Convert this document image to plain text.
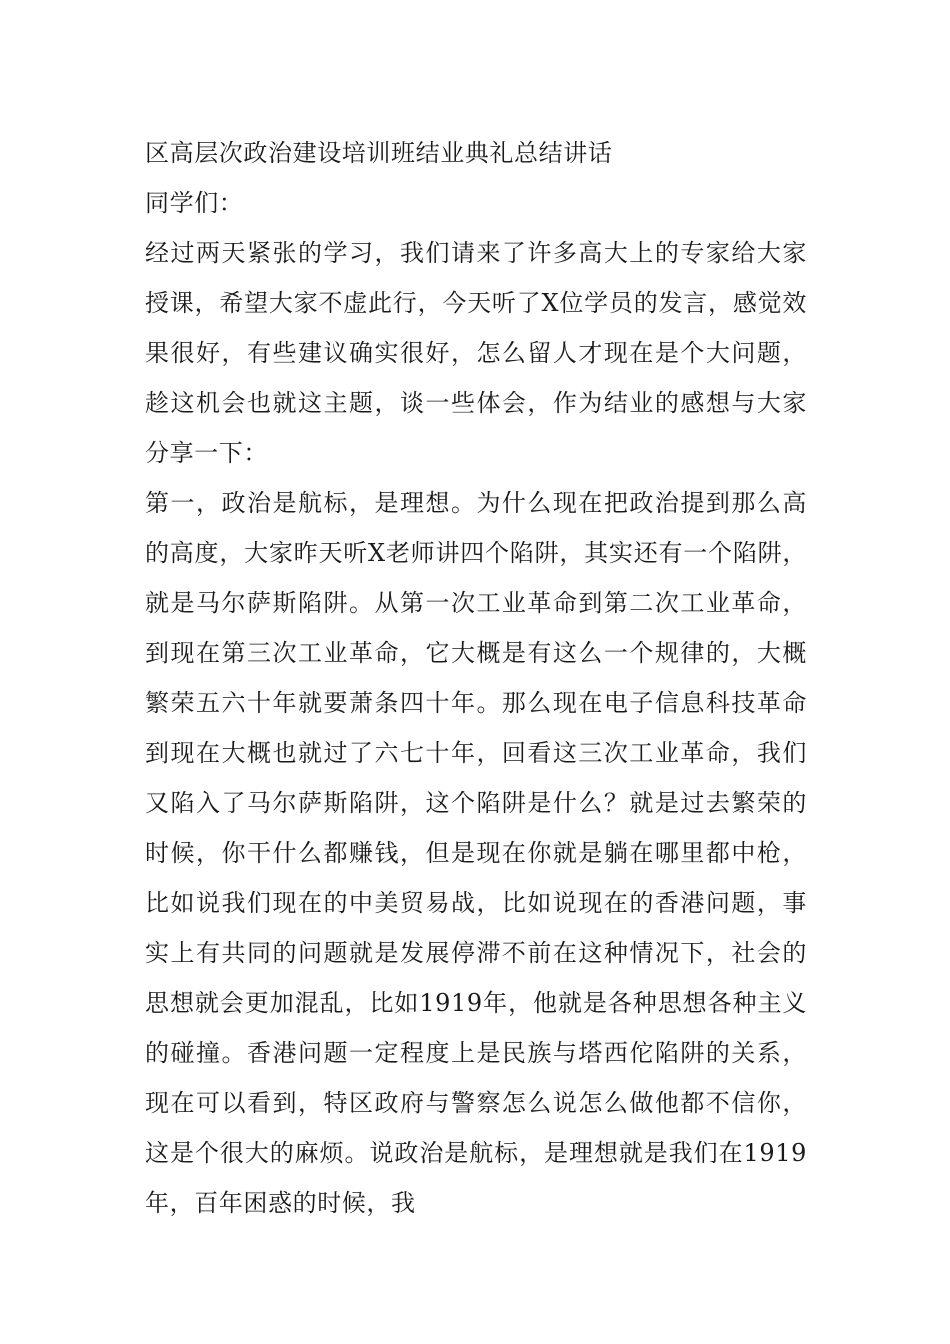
区高层次政治建设培训班结业典礼总结讲话

同学们：

经过两天紧张的学习，我们请来了许多高大上的专家给大家授课，希望大家不虚此行，今天听了X位学员的发言，感觉效果很好，有些建议确实很好，怎么留人才现在是个大问题，趁这机会也就这主题，谈一些体会，作为结业的感想与大家分享一下：

第一，政治是航标，是理想。为什么现在把政治提到那么高的高度，大家昨天听X老师讲四个陷阱，其实还有一个陷阱，就是马尔萨斯陷阱。从第一次工业革命到第二次工业革命，到现在第三次工业革命，它大概是有这么一个规律的，大概繁荣五六十年就要萧条四十年。那么现在电子信息科技革命到现在大概也就过了六七十年，回看这三次工业革命，我们又陷入了马尔萨斯陷阱，这个陷阱是什么？就是过去繁荣的时候，你干什么都赚钱，但是现在你就是躺在哪里都中枪，比如说我们现在的中美贸易战，比如说现在的香港问题，事实上有共同的问题就是发展停滞不前在这种情况下，社会的思想就会更加混乱，比如1919年，他就是各种思想各种主义的碰撞。香港问题一定程度上是民族与塔西佗陷阱的关系，现在可以看到，特区政府与警察怎么说怎么做他都不信你，这是个很大的麻烦。说政治是航标，是理想就是我们在1919年，百年困惑的时候，我
